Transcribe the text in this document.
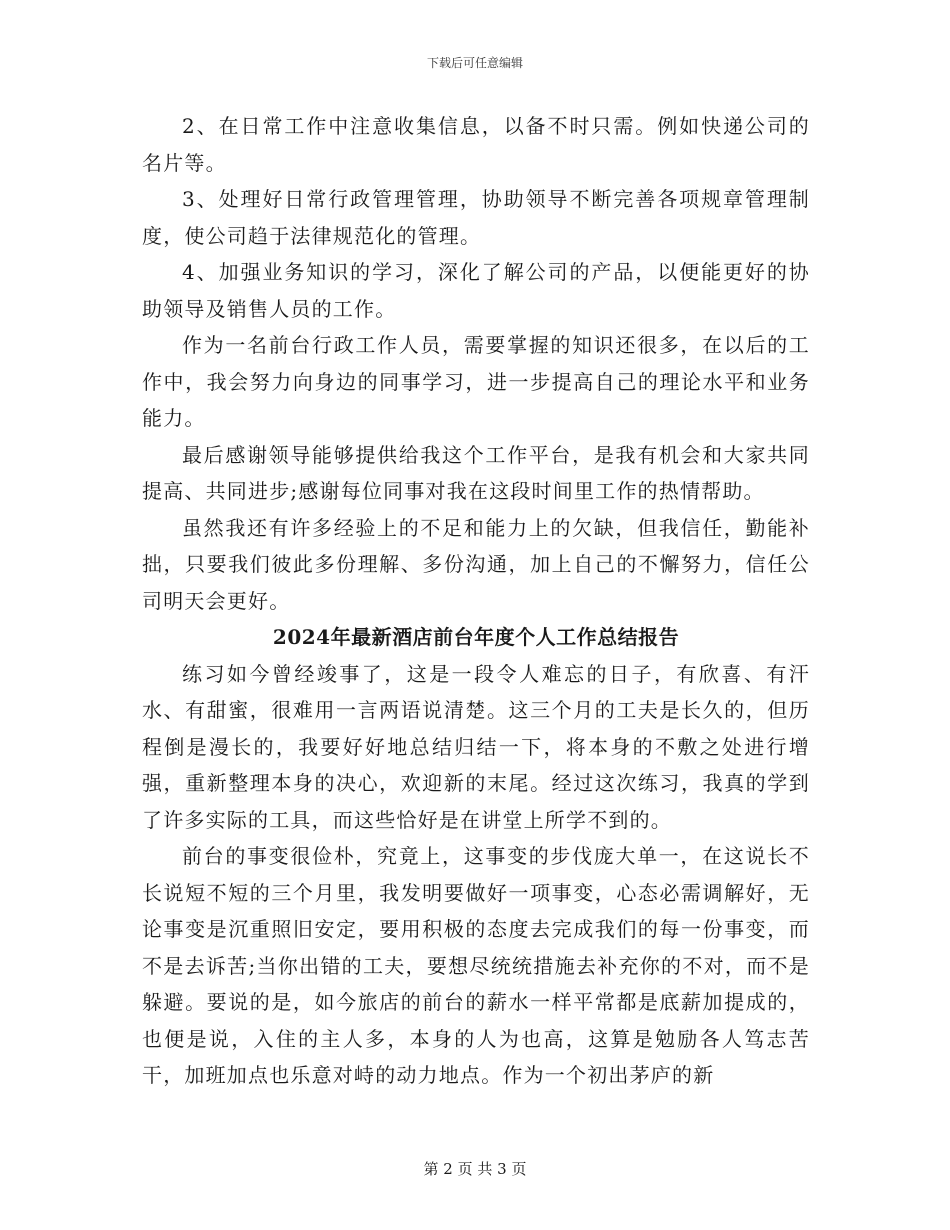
下载后可任意编辑

2、在日常工作中注意收集信息，以备不时只需。例如快递公司的名片等。

3、处理好日常行政管理管理，协助领导不断完善各项规章管理制度，使公司趋于法律规范化的管理。

4、加强业务知识的学习，深化了解公司的产品，以便能更好的协助领导及销售人员的工作。

作为一名前台行政工作人员，需要掌握的知识还很多，在以后的工作中，我会努力向身边的同事学习，进一步提高自己的理论水平和业务能力。

最后感谢领导能够提供给我这个工作平台，是我有机会和大家共同提高、共同进步;感谢每位同事对我在这段时间里工作的热情帮助。

虽然我还有许多经验上的不足和能力上的欠缺，但我信任，勤能补拙，只要我们彼此多份理解、多份沟通，加上自己的不懈努力，信任公司明天会更好。

2024年最新酒店前台年度个人工作总结报告

练习如今曾经竣事了，这是一段令人难忘的日子，有欣喜、有汗水、有甜蜜，很难用一言两语说清楚。这三个月的工夫是长久的，但历程倒是漫长的，我要好好地总结归结一下，将本身的不敷之处进行增强，重新整理本身的决心，欢迎新的末尾。经过这次练习，我真的学到了许多实际的工具，而这些恰好是在讲堂上所学不到的。

前台的事变很俭朴，究竟上，这事变的步伐庞大单一，在这说长不长说短不短的三个月里，我发明要做好一项事变，心态必需调解好，无论事变是沉重照旧安定，要用积极的态度去完成我们的每一份事变，而不是去诉苦;当你出错的工夫，要想尽统统措施去补充你的不对，而不是躲避。要说的是，如今旅店的前台的薪水一样平常都是底薪加提成的，也便是说，入住的主人多，本身的人为也高，这算是勉励各人笃志苦干，加班加点也乐意对峙的动力地点。作为一个初出茅庐的新

第 2 页 共 3 页
